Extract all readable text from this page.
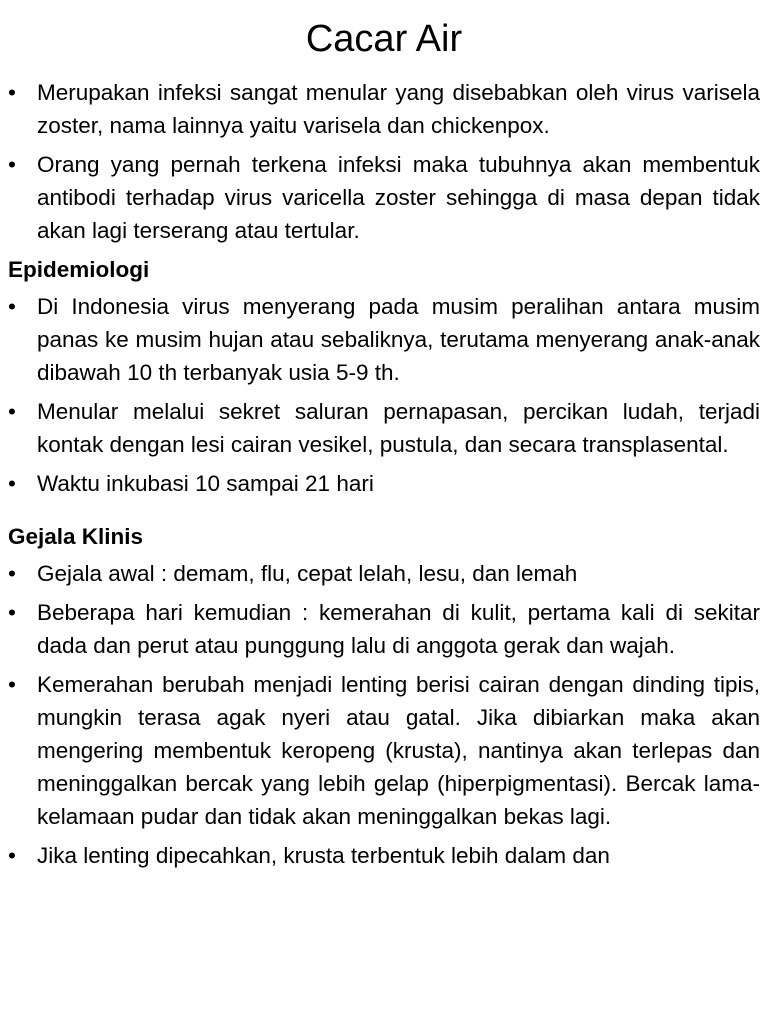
Cacar Air
• Merupakan infeksi sangat menular yang disebabkan oleh virus varisela zoster, nama lainnya yaitu varisela dan chickenpox.
• Orang yang pernah terkena infeksi maka tubuhnya akan membentuk antibodi terhadap virus varicella zoster sehingga di masa depan tidak akan lagi terserang atau tertular.
Epidemiologi
• Di Indonesia virus menyerang pada musim peralihan antara musim panas ke musim hujan atau sebaliknya, terutama menyerang anak-anak dibawah 10 th terbanyak usia 5-9 th.
• Menular melalui sekret saluran pernapasan, percikan ludah, terjadi kontak dengan lesi cairan vesikel, pustula, dan secara transplasental.
• Waktu inkubasi 10 sampai 21 hari
Gejala Klinis
• Gejala awal : demam, flu, cepat lelah, lesu, dan lemah
• Beberapa hari kemudian : kemerahan di kulit, pertama kali di sekitar dada dan perut atau punggung lalu di anggota gerak dan wajah.
• Kemerahan berubah menjadi lenting berisi cairan dengan dinding tipis, mungkin terasa agak nyeri atau gatal. Jika dibiarkan maka akan mengering membentuk keropeng (krusta), nantinya akan terlepas dan meninggalkan bercak yang lebih gelap (hiperpigmentasi). Bercak lama-kelamaan pudar dan tidak akan meninggalkan bekas lagi.
• Jika lenting dipecahkan, krusta terbentuk lebih dalam dan
